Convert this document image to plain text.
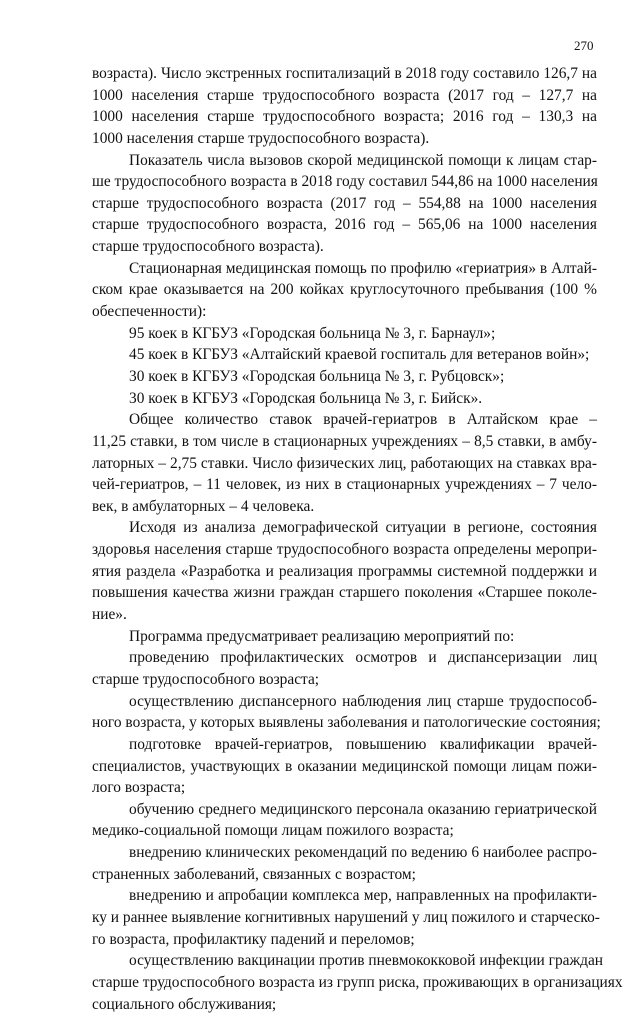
270
возраста). Число экстренных госпитализаций в 2018 году составило 126,7 на
1000 населения старше трудоспособного возраста (2017 год – 127,7 на
1000 населения старше трудоспособного возраста; 2016 год – 130,3 на
1000 населения старше трудоспособного возраста).
Показатель числа вызовов скорой медицинской помощи к лицам стар-
ше трудоспособного возраста в 2018 году составил 544,86 на 1000 населения
старше трудоспособного возраста (2017 год – 554,88 на 1000 населения
старше трудоспособного возраста, 2016 год – 565,06 на 1000 населения
старше трудоспособного возраста).
Стационарная медицинская помощь по профилю «гериатрия» в Алтай-
ском крае оказывается на 200 койках круглосуточного пребывания (100 %
обеспеченности):
95 коек в КГБУЗ «Городская больница № 3, г. Барнаул»;
45 коек в КГБУЗ «Алтайский краевой госпиталь для ветеранов войн»;
30 коек в КГБУЗ «Городская больница № 3, г. Рубцовск»;
30 коек в КГБУЗ «Городская больница № 3, г. Бийск».
Общее количество ставок врачей-гериатров в Алтайском крае –
11,25 ставки, в том числе в стационарных учреждениях – 8,5 ставки, в амбу-
латорных – 2,75 ставки. Число физических лиц, работающих на ставках вра-
чей-гериатров, – 11 человек, из них в стационарных учреждениях – 7 чело-
век, в амбулаторных – 4 человека.
Исходя из анализа демографической ситуации в регионе, состояния
здоровья населения старше трудоспособного возраста определены меропри-
ятия раздела «Разработка и реализация программы системной поддержки и
повышения качества жизни граждан старшего поколения «Старшее поколе-
ние».
Программа предусматривает реализацию мероприятий по:
проведению профилактических осмотров и диспансеризации лиц
старше трудоспособного возраста;
осуществлению диспансерного наблюдения лиц старше трудоспособ-
ного возраста, у которых выявлены заболевания и патологические состояния;
подготовке врачей-гериатров, повышению квалификации врачей-
специалистов, участвующих в оказании медицинской помощи лицам пожи-
лого возраста;
обучению среднего медицинского персонала оказанию гериатрической
медико-социальной помощи лицам пожилого возраста;
внедрению клинических рекомендаций по ведению 6 наиболее распро-
страненных заболеваний, связанных с возрастом;
внедрению и апробации комплекса мер, направленных на профилакти-
ку и раннее выявление когнитивных нарушений у лиц пожилого и старческо-
го возраста, профилактику падений и переломов;
осуществлению вакцинации против пневмококковой инфекции граждан
старше трудоспособного возраста из групп риска, проживающих в организациях
социального обслуживания;
